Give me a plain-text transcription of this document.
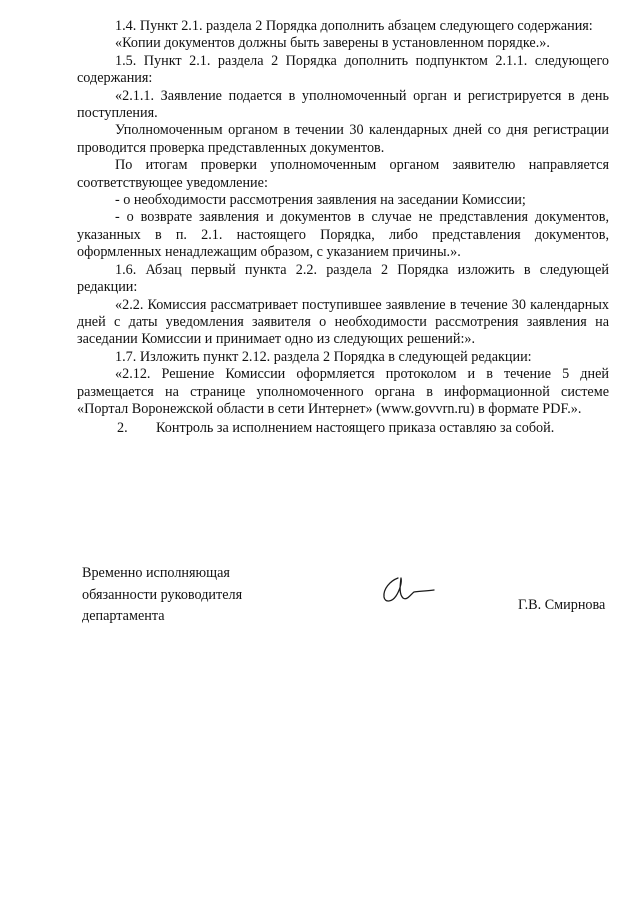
1.4. Пункт 2.1. раздела 2 Порядка дополнить абзацем следующего содержания:

«Копии документов должны быть заверены в установленном порядке.».

1.5. Пункт 2.1. раздела 2 Порядка дополнить подпунктом 2.1.1. следующего содержания:

«2.1.1. Заявление подается в уполномоченный орган и регистрируется в день поступления.

Уполномоченным органом в течении 30 календарных дней со дня регистрации проводится проверка представленных документов.

По итогам проверки уполномоченным органом заявителю направляется соответствующее уведомление:

- о необходимости рассмотрения заявления на заседании Комиссии;

- о возврате заявления и документов в случае не представления документов, указанных в п. 2.1. настоящего Порядка, либо представления документов, оформленных ненадлежащим образом, с указанием причины.».

1.6. Абзац первый пункта 2.2. раздела 2 Порядка изложить в следующей редакции:

«2.2. Комиссия рассматривает поступившее заявление в течение 30 календарных дней с даты уведомления заявителя о необходимости рассмотрения заявления на заседании Комиссии и принимает одно из следующих решений:».

1.7. Изложить пункт 2.12. раздела 2 Порядка в следующей редакции:

«2.12. Решение Комиссии оформляется протоколом и в течение 5 дней размещается на странице уполномоченного органа в информационной системе «Портал Воронежской области в сети Интернет» (www.govvrn.ru) в формате PDF.».

2. Контроль за исполнением настоящего приказа оставляю за собой.

Временно исполняющая
обязанности руководителя
департамента
Г.В. Смирнова
